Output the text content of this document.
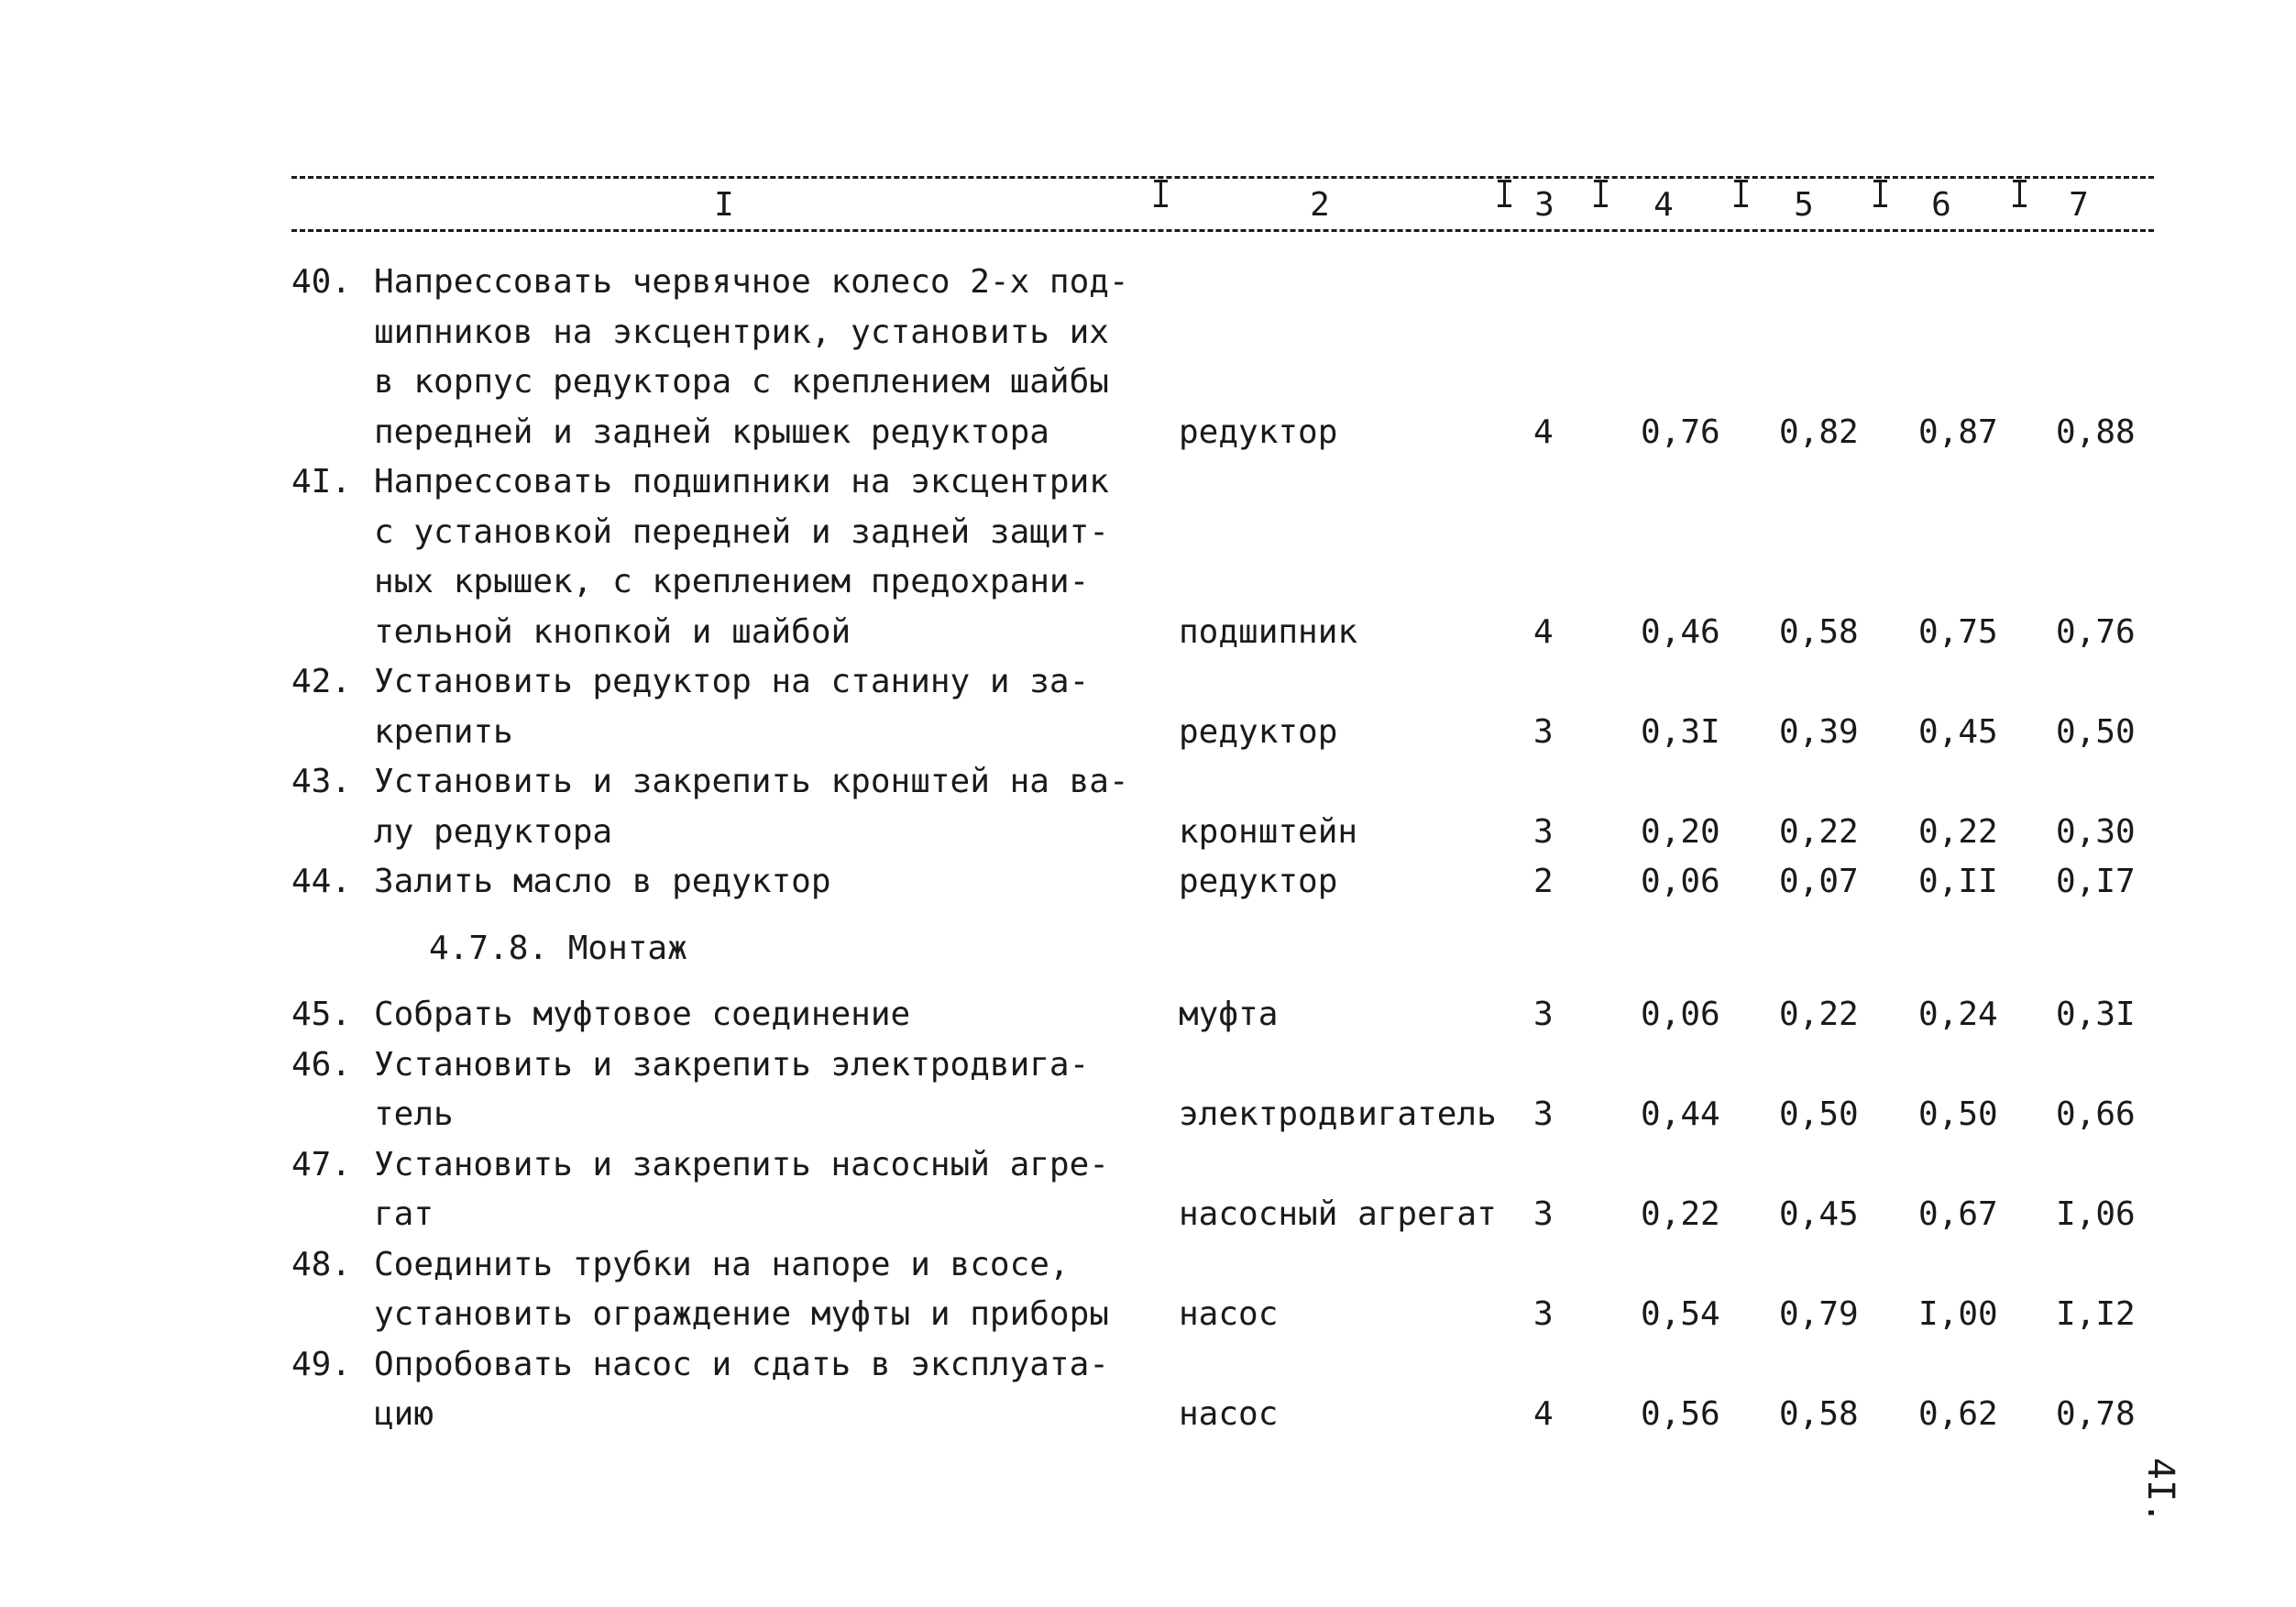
I	2	3	4	5	6	7
40. Напрессовать червячное колесо 2-х под-
шипников на эксцентрик, установить их
в корпус редуктора с креплением шайбы
передней и задней крышек редуктора	редуктор	4	0,76 0,82 0,87 0,88
4I. Напрессовать подшипники на эксцентрик
с установкой передней и задней защит-
ных крышек, с креплением предохрани-
тельной кнопкой и шайбой	подшипник	4	0,46 0,58 0,75 0,76
42. Установить редуктор на станину и за-
крепить	редуктор	3	0,3I 0,39 0,45 0,50
43. Установить и закрепить кронштей на ва-
лу редуктора	кронштейн	3	0,20 0,22 0,22 0,30
44. Залить масло в редуктор	редуктор	2	0,06 0,07 0,II 0,I7
4.7.8. Монтаж
45. Собрать муфтовое соединение	муфта	3	0,06 0,22 0,24 0,3I
46. Установить и закрепить электродвига-
тель	электродвигатель 3	0,44 0,50 0,50 0,66
47. Установить и закрепить насосный агре-
гат	насосный агрегат 3	0,22 0,45 0,67 I,06
48. Соединить трубки на напоре и всосе,
установить ограждение муфты и приборы	насос	3	0,54 0,79 I,00 I,I2
49. Опробовать насос и сдать в эксплуата-
цию	насос	4	0,56 0,58 0,62 0,78
4I.
